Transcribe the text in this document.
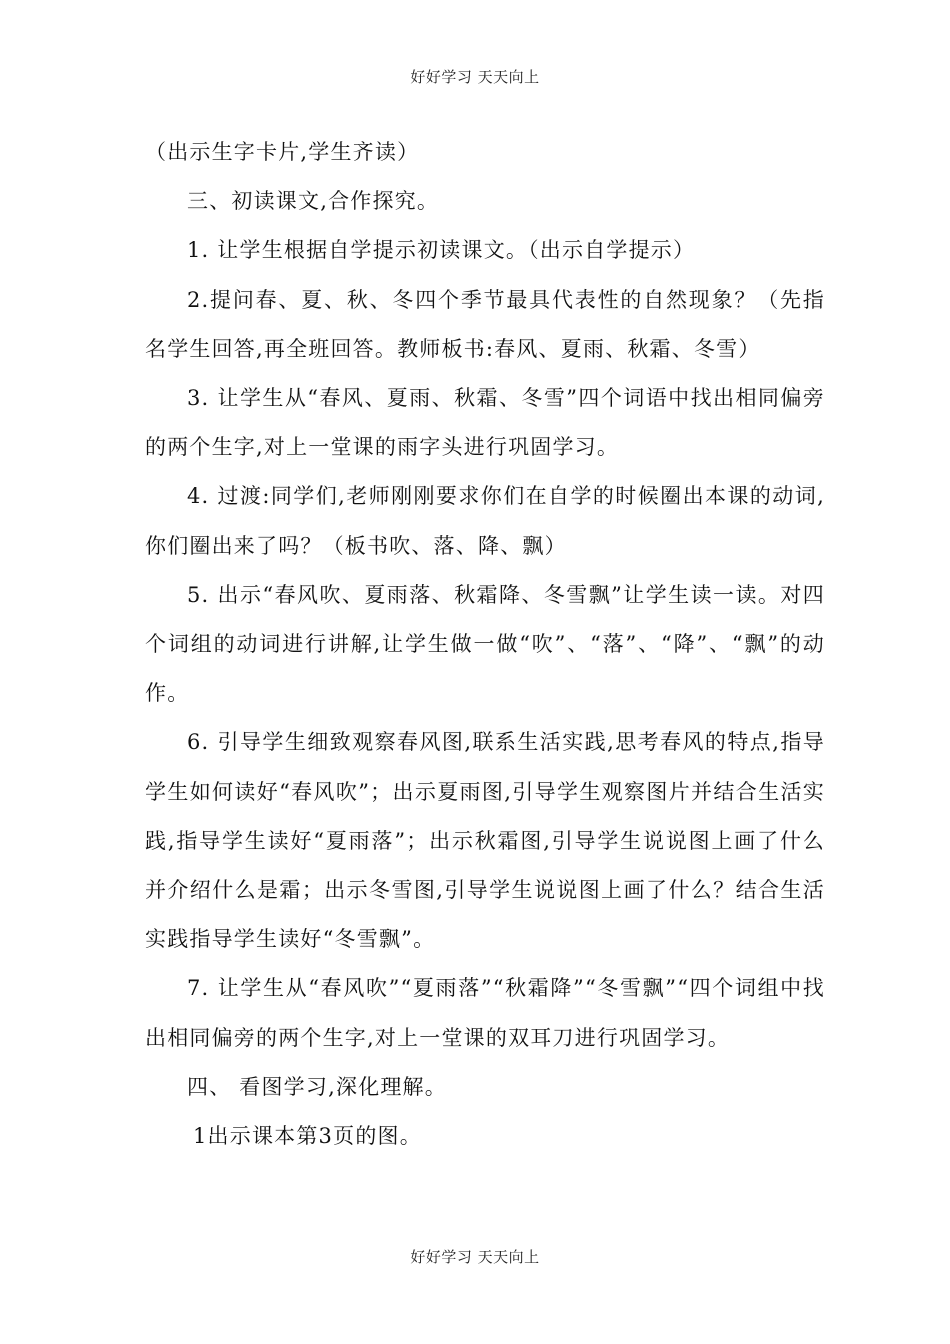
好好学习 天天向上

（出示生字卡片,学生齐读）

三、初读课文,合作探究。

1. 让学生根据自学提示初读课文。（出示自学提示）

2.提问春、夏、秋、冬四个季节最具代表性的自然现象？（先指名学生回答,再全班回答。教师板书:春风、夏雨、秋霜、冬雪）

3. 让学生从“春风、夏雨、秋霜、冬雪”四个词语中找出相同偏旁的两个生字,对上一堂课的雨字头进行巩固学习。

4. 过渡:同学们,老师刚刚要求你们在自学的时候圈出本课的动词,你们圈出来了吗？（板书吹、落、降、飘）

5. 出示“春风吹、夏雨落、秋霜降、冬雪飘”让学生读一读。对四个词组的动词进行讲解,让学生做一做“吹”、“落”、“降”、“飘”的动作。

6. 引导学生细致观察春风图,联系生活实践,思考春风的特点,指导学生如何读好“春风吹”；出示夏雨图,引导学生观察图片并结合生活实践,指导学生读好“夏雨落”；出示秋霜图,引导学生说说图上画了什么并介绍什么是霜；出示冬雪图,引导学生说说图上画了什么？结合生活实践指导学生读好“冬雪飘”。

7. 让学生从“春风吹”“夏雨落”“秋霜降”“冬雪飘”“四个词组中找出相同偏旁的两个生字,对上一堂课的双耳刀进行巩固学习。

四、 看图学习,深化理解。

1出示课本第3页的图。

好好学习 天天向上
